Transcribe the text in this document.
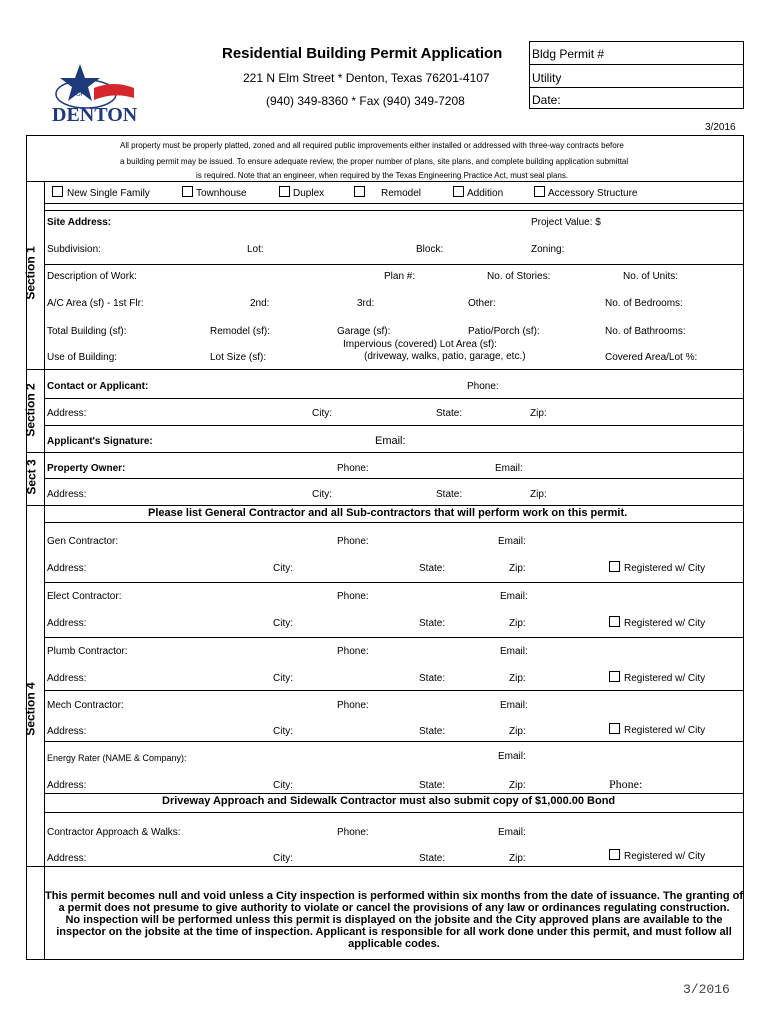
CITY
OF
DENTON
Residential Building Permit Application
221 N Elm Street * Denton, Texas 76201-4107
(940) 349-8360 * Fax (940) 349-7208
Bldg Permit #
Utility
Date:
3/2016
All property must be properly platted, zoned and all required public improvements either installed or addressed with three-way contracts before
a building permit may be issued. To ensure adequate review, the proper number of plans, site plans, and complete building application submittal
is required. Note that an engineer, when required by the Texas Engineering Practice Act, must seal plans.
New Single Family	Townhouse	Duplex	Remodel	Addition	Accessory Structure
Section 1
Section 2
Sect 3
Section 4
Site Address:	Project Value: $
Subdivision:	Lot:	Block:	Zoning:
Description of Work:	Plan #:	No. of Stories:	No. of Units:
A/C Area (sf) - 1st Flr:	2nd:	3rd:	Other:	No. of Bedrooms:
Total Building (sf):	Remodel (sf):	Garage (sf):	Patio/Porch (sf):	No. of Bathrooms:
Impervious (covered) Lot Area (sf):
(driveway, walks, patio, garage, etc.)
Use of Building:	Lot Size (sf):	Covered Area/Lot %:
Contact or Applicant:	Phone:
Address:	City:	State:	Zip:
Applicant's Signature:	Email:
Property Owner:	Phone:	Email:
Address:	City:	State:	Zip:
Please list General Contractor and all Sub-contractors that will perform work on this permit.
Gen Contractor:	Phone:	Email:
Address:	City:	State:	Zip:	Registered w/ City
Elect Contractor:	Phone:	Email:
Address:	City:	State:	Zip:	Registered w/ City
Plumb Contractor:	Phone:	Email:
Address:	City:	State:	Zip:	Registered w/ City
Mech Contractor:	Phone:	Email:
Address:	City:	State:	Zip:	Registered w/ City
Energy Rater (NAME & Company):	Email:
Address:	City:	State:	Zip:	Phone:
Driveway Approach and Sidewalk Contractor must also submit copy of $1,000.00 Bond
Contractor Approach & Walks:	Phone:	Email:
Address:	City:	State:	Zip:	Registered w/ City
This permit becomes null and void unless a City inspection is performed within six months from the date of issuance. The granting of
a permit does not presume to give authority to violate or cancel the provisions of any law or ordinances regulating construction.
No inspection will be performed unless this permit is displayed on the jobsite and the City approved plans are available to the
inspector on the jobsite at the time of inspection. Applicant is responsible for all work done under this permit, and must follow all
applicable codes.
3/2016
